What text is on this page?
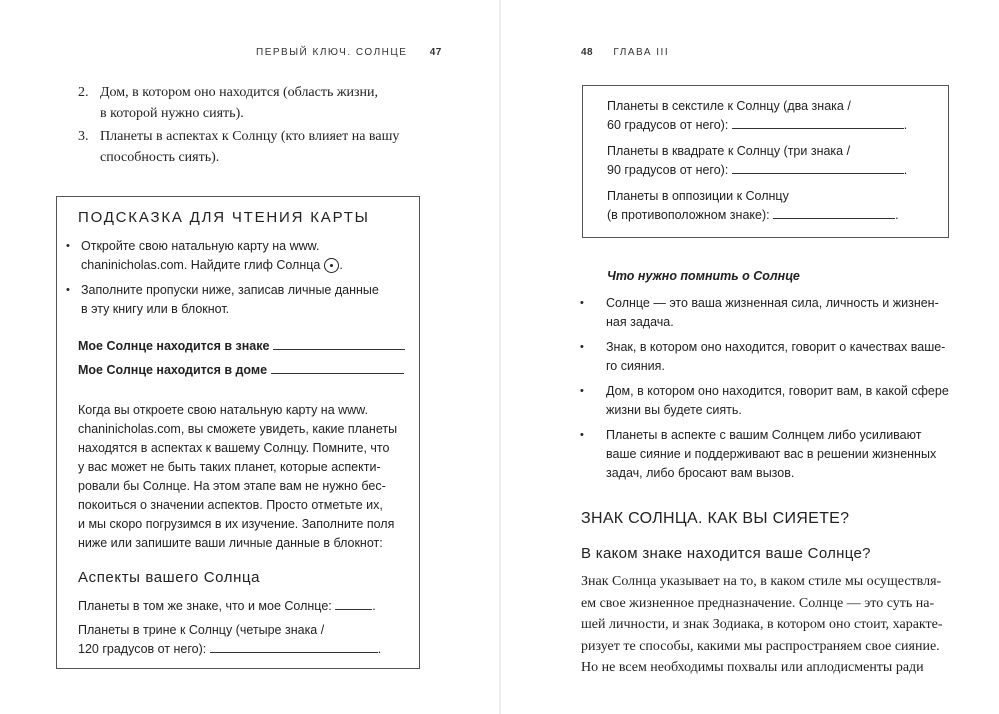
ПЕРВЫЙ КЛЮЧ. СОЛНЦЕ 47
2. Дом, в котором оно находится (область жизни,
в которой нужно сиять).
3. Планеты в аспектах к Солнцу (кто влияет на вашу
способность сиять).
ПОДСКАЗКА ДЛЯ ЧТЕНИЯ КАРТЫ
• Откройте свою натальную карту на www.
chaninicholas.com. Найдите глиф Солнца .
• Заполните пропуски ниже, записав личные данные
в эту книгу или в блокнот.
Мое Солнце находится в знаке
Мое Солнце находится в доме
Когда вы откроете свою натальную карту на www.
chaninicholas.com, вы сможете увидеть, какие планеты
находятся в аспектах к вашему Солнцу. Помните, что
у вас может не быть таких планет, которые аспекти-
ровали бы Солнце. На этом этапе вам не нужно бес-
покоиться о значении аспектов. Просто отметьте их,
и мы скоро погрузимся в их изучение. Заполните поля
ниже или запишите ваши личные данные в блокнот:
Аспекты вашего Солнца
Планеты в том же знаке, что и мое Солнце:	.
Планеты в трине к Солнцу (четыре знака /
120 градусов от него):	.
48 ГЛАВА III
Планеты в секстиле к Солнцу (два знака /
60 градусов от него):	.
Планеты в квадрате к Солнцу (три знака /
90 градусов от него):	.
Планеты в оппозиции к Солнцу
(в противоположном знаке):	.
Что нужно помнить о Солнце
• Солнце — это ваша жизненная сила, личность и жизнен-
ная задача.
• Знак, в котором оно находится, говорит о качествах ваше-
го сияния.
• Дом, в котором оно находится, говорит вам, в какой сфере
жизни вы будете сиять.
• Планеты в аспекте с вашим Солнцем либо усиливают
ваше сияние и поддерживают вас в решении жизненных
задач, либо бросают вам вызов.
ЗНАК СОЛНЦА. КАК ВЫ СИЯЕТЕ?
В каком знаке находится ваше Солнце?
Знак Солнца указывает на то, в каком стиле мы осуществля-
ем свое жизненное предназначение. Солнце — это суть на-
шей личности, и знак Зодиака, в котором оно стоит, характе-
ризует те способы, какими мы распространяем свое сияние.
Но не всем необходимы похвалы или аплодисменты ради
